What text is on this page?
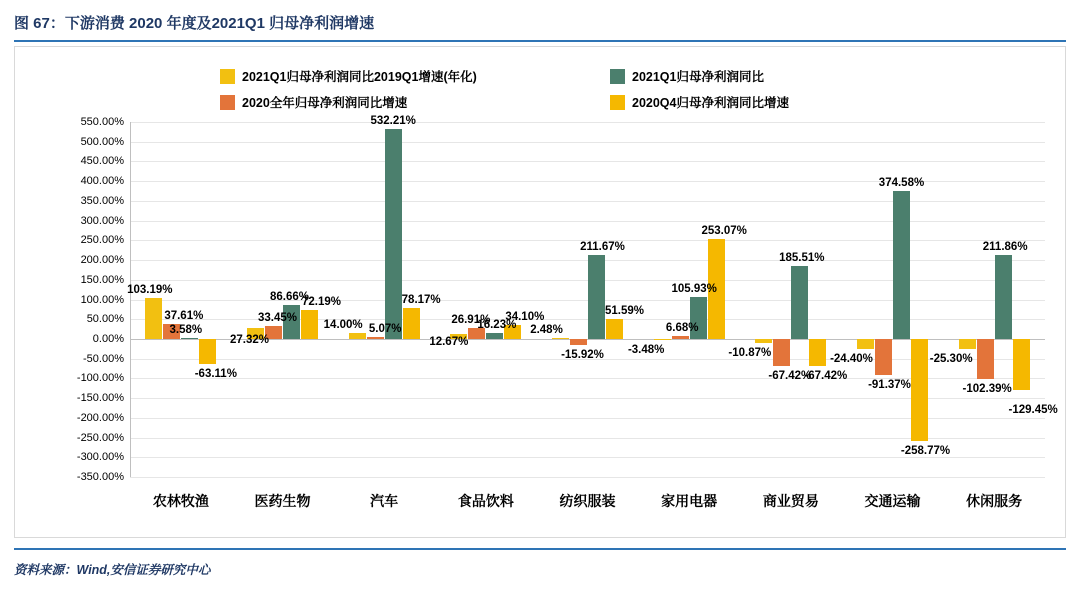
图 67：下游消费 2020 年度及2021Q1 归母净利润增速
2021Q1归母净利润同比2019Q1增速(年化)	2021Q1归母净利润同比
2020全年归母净利润同比增速	2020Q4归母净利润同比增速
550.00%
500.00%
450.00%
400.00%
350.00%
300.00%
250.00%
200.00%
150.00%
100.00%
50.00%
0.00%
-50.00%
-100.00%
-150.00%
-200.00%
-250.00%
-300.00%
-350.00%
农林牧渔	医药生物	汽车	食品饮料	纺织服装	家用电器	商业贸易	交通运输	休闲服务
103.19%
37.61%
3.58%
-63.11%
27.32%
33.45%
86.66%
72.19%
14.00% 5.07%
532.21%
78.17%
12.67%
26.91%
16.23%
34.10%
2.48%
-15.92%
211.67%
51.59%
-3.48%
6.68%
105.93%
253.07%
-10.87%
-67.42%
185.51%
-67.42%
-24.40%
-91.37%
374.58%
-258.77%
-25.30%
-102.39%
211.86%
-129.45%
资料来源：Wind,安信证券研究中心
